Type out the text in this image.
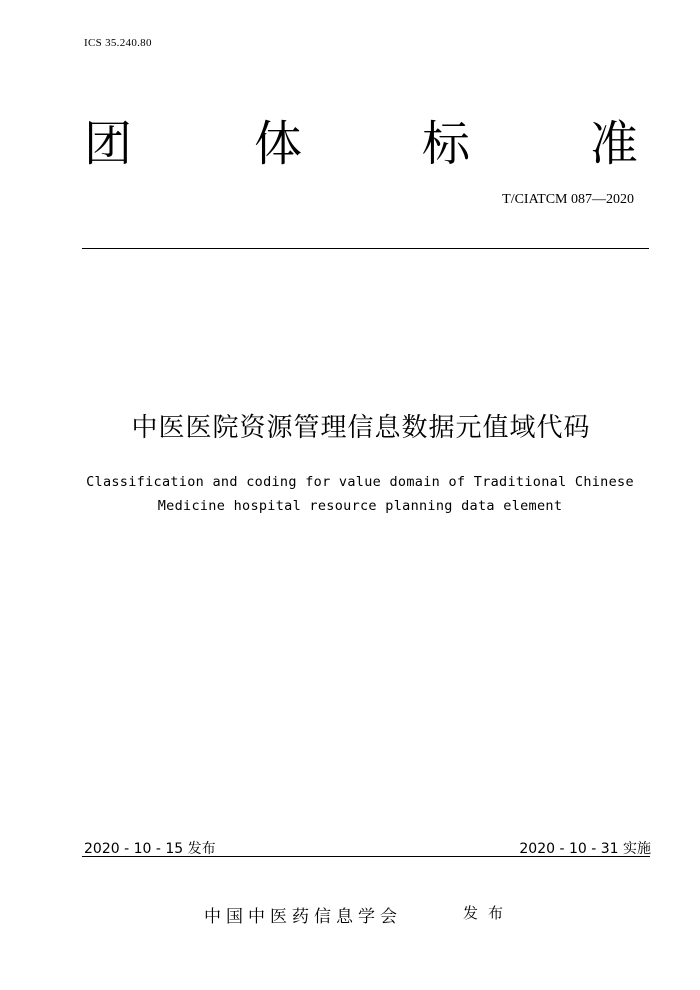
ICS 35.240.80
团	体 标 准
T/CIATCM 087—2020
中医医院资源管理信息数据元值域代码
Classification and coding for value domain of Traditional Chinese
Medicine hospital resource planning data element
2020 - 10 - 15 发布	2020 - 10 - 31 实施
中国中医药信息学会	发布
